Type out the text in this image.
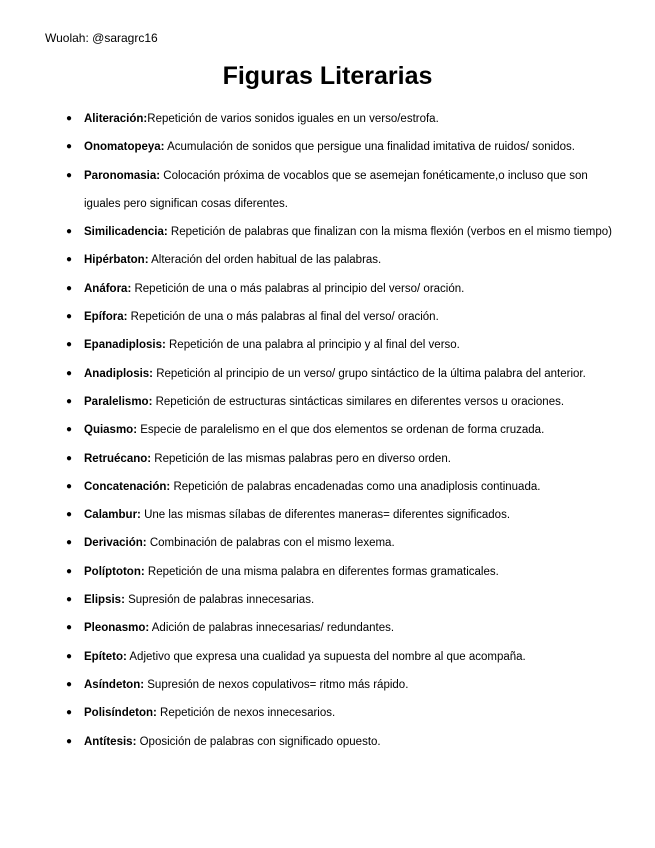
Wuolah: @saragrc16
Figuras Literarias
● Aliteración:Repetición de varios sonidos iguales en un verso/estrofa.
● Onomatopeya: Acumulación de sonidos que persigue una finalidad imitativa de ruidos/ sonidos.
● Paronomasia: Colocación próxima de vocablos que se asemejan fonéticamente,o incluso que son iguales pero significan cosas diferentes.
● Similicadencia: Repetición de palabras que finalizan con la misma flexión (verbos en el mismo tiempo)
● Hipérbaton: Alteración del orden habitual de las palabras.
● Anáfora: Repetición de una o más palabras al principio del verso/ oración.
● Epífora: Repetición de una o más palabras al final del verso/ oración.
● Epanadiplosis: Repetición de una palabra al principio y al final del verso.
● Anadiplosis: Repetición al principio de un verso/ grupo sintáctico de la última palabra del anterior.
● Paralelismo: Repetición de estructuras sintácticas similares en diferentes versos u oraciones.
● Quiasmo: Especie de paralelismo en el que dos elementos se ordenan de forma cruzada.
● Retruécano: Repetición de las mismas palabras pero en diverso orden.
● Concatenación: Repetición de palabras encadenadas como una anadiplosis continuada.
● Calambur: Une las mismas sílabas de diferentes maneras= diferentes significados.
● Derivación: Combinación de palabras con el mismo lexema.
● Políptoton: Repetición de una misma palabra en diferentes formas gramaticales.
● Elipsis: Supresión de palabras innecesarias.
● Pleonasmo: Adición de palabras innecesarias/ redundantes.
● Epíteto: Adjetivo que expresa una cualidad ya supuesta del nombre al que acompaña.
● Asíndeton: Supresión de nexos copulativos= ritmo más rápido.
● Polisíndeton: Repetición de nexos innecesarios.
● Antítesis: Oposición de palabras con significado opuesto.
